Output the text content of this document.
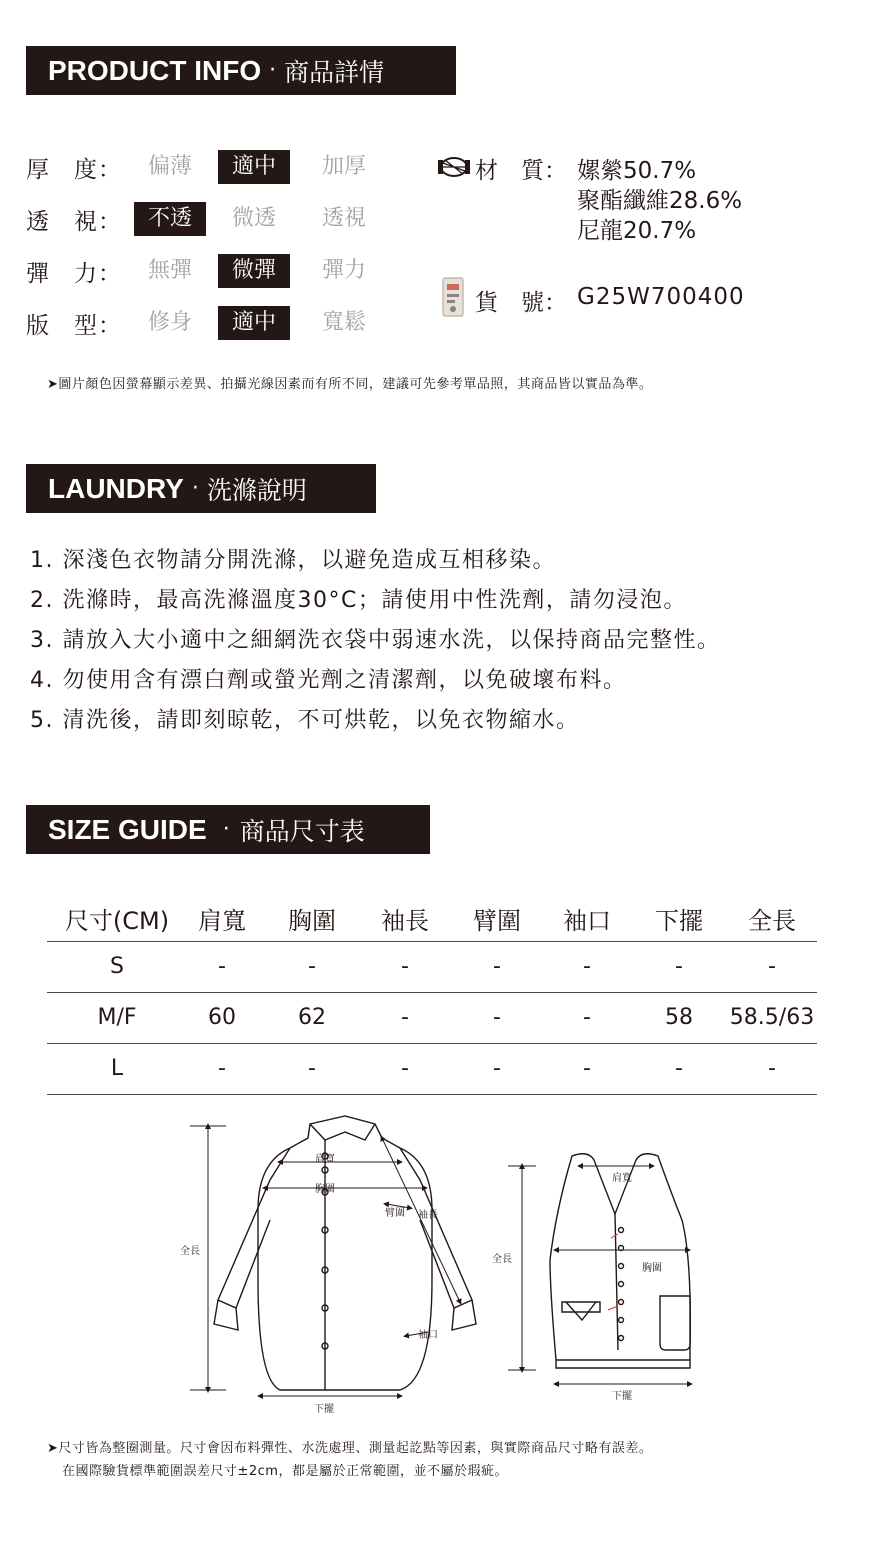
PRODUCT INFO · 商品詳情
厚　度：	偏薄	適中	加厚
透　視：	不透	微透	透視
彈　力：	無彈	微彈	彈力
版　型：	修身	適中	寬鬆
材　質： 嫘縈50.7%
聚酯纖維28.6%
尼龍20.7%
貨　號： G25W700400
➤圖片顏色因螢幕顯示差異、拍攝光線因素而有所不同，建議可先參考單品照，其商品皆以實品為準。
LAUNDRY · 洗滌說明
1. 深淺色衣物請分開洗滌，以避免造成互相移染。
2. 洗滌時，最高洗滌溫度30°C；請使用中性洗劑，請勿浸泡。
3. 請放入大小適中之細網洗衣袋中弱速水洗，以保持商品完整性。
4. 勿使用含有漂白劑或螢光劑之清潔劑，以免破壞布料。
5. 清洗後，請即刻晾乾，不可烘乾，以免衣物縮水。
SIZE GUIDE · 商品尺寸表
尺寸(CM)	肩寬	胸圍	袖長	臂圍	袖口	下擺	全長
S	-	-	-	-	-	-	-
M/F	60	62	-	-	-	58	58.5/63
L	-	-	-	-	-	-	-
肩寬
胸圍
臂圍 袖長
全長
袖口
下擺
肩寬
胸圍
全長
下擺
➤尺寸皆為整圈測量。尺寸會因布料彈性、水洗處理、測量起訖點等因素，與實際商品尺寸略有誤差。
在國際驗貨標準範圍誤差尺寸±2cm，都是屬於正常範圍，並不屬於瑕疵。
